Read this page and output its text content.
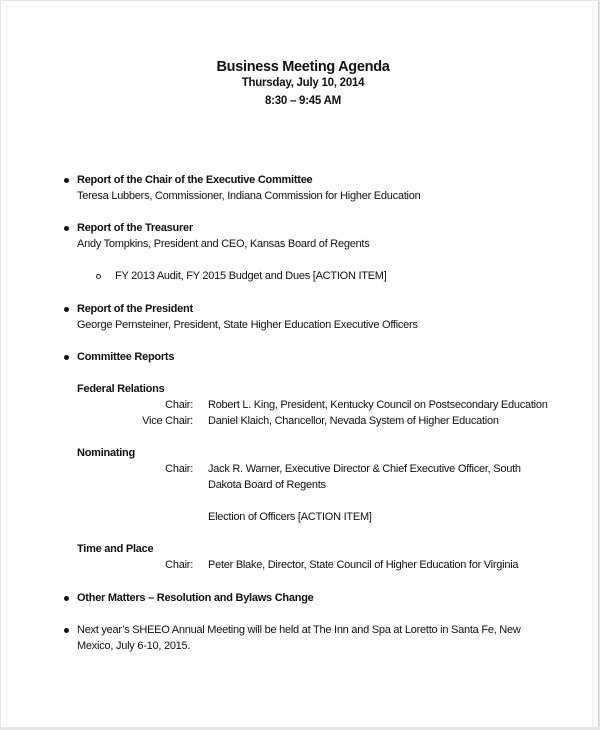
Business Meeting Agenda
Thursday, July 10, 2014
8:30 – 9:45 AM
Report of the Chair of the Executive Committee
Teresa Lubbers, Commissioner, Indiana Commission for Higher Education
Report of the Treasurer
Andy Tompkins, President and CEO, Kansas Board of Regents
FY 2013 Audit, FY 2015 Budget and Dues [ACTION ITEM]
Report of the President
George Pernsteiner, President, State Higher Education Executive Officers
Committee Reports
Federal Relations
Chair: Robert L. King, President, Kentucky Council on Postsecondary Education
Vice Chair: Daniel Klaich, Chancellor, Nevada System of Higher Education
Nominating
Chair: Jack R. Warner, Executive Director & Chief Executive Officer, South
Dakota Board of Regents
Election of Officers [ACTION ITEM]
Time and Place
Chair: Peter Blake, Director, State Council of Higher Education for Virginia
Other Matters – Resolution and Bylaws Change
Next year’s SHEEO Annual Meeting will be held at The Inn and Spa at Loretto in Santa Fe, New
Mexico, July 6-10, 2015.
